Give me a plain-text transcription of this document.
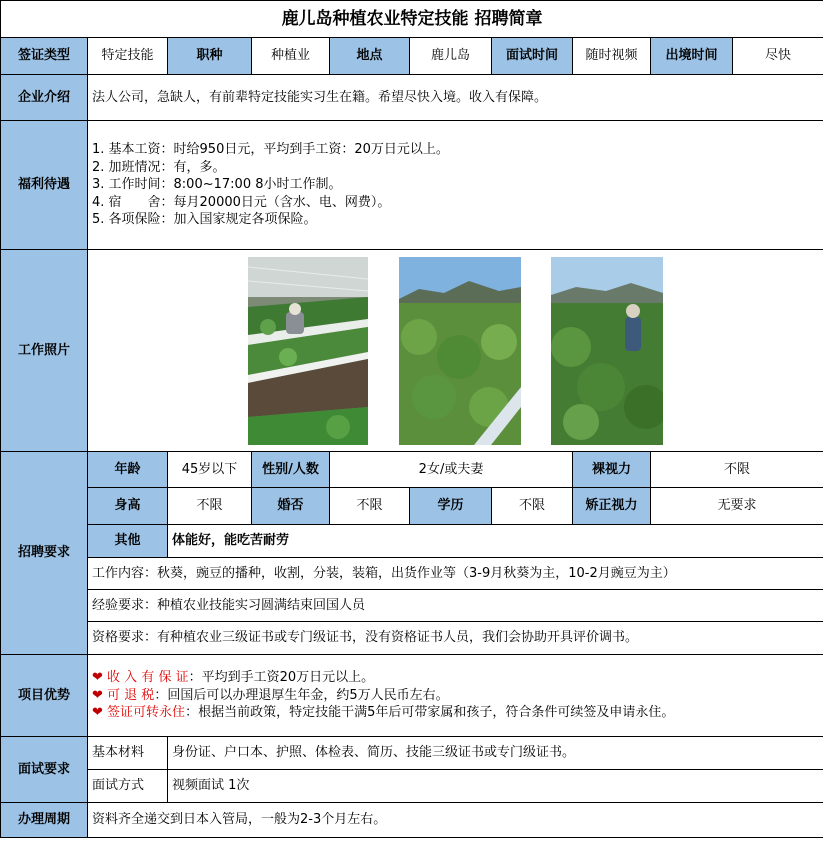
鹿儿岛种植农业特定技能 招聘简章									
签证类型	特定技能	职种	种植业	地点	鹿儿岛	面试时间	随时视频	出境时间	尽快
企业介绍	法人公司，急缺人，有前辈特定技能实习生在籍。希望尽快入境。收入有保障。								
福利待遇	1. 基本工资：时给950日元，平均到手工资：20万日元以上。
2. 加班情况：有，多。
3. 工作时间：8:00~17:00 8小时工作制。
4. 宿　　舍：每月20000日元（含水、电、网费）。
5. 各项保险：加入国家规定各项保险。								

工作照片	
招聘要求	年龄	45岁以下	性别/人数	2女/或夫妻			裸视力	不限	
	身高	不限	婚否	不限	学历	不限	矫正视力	无要求	
	其他	体能好，能吃苦耐劳							
	工作内容：秋葵，豌豆的播种，收割，分装，装箱，出货作业等（3-9月秋葵为主，10-2月豌豆为主）								
	经验要求：种植农业技能实习圆满结束回国人员								
	资格要求：有种植农业三级证书或专门级证书，没有资格证书人员，我们会协助开具评价调书。								
项目优势	❤ 收 入 有 保 证：平均到手工资20万日元以上。
❤ 可 退 税：回国后可以办理退厚生年金，约5万人民币左右。
❤ 签证可转永住：根据当前政策，特定技能干满5年后可带家属和孩子，符合条件可续签及申请永住。								

面试要求	基本材料	身份证、户口本、护照、体检表、简历、技能三级证书或专门级证书。							
	面试方式	视频面试 1次							
办理周期	资料齐全递交到日本入管局，一般为2-3个月左右。								
